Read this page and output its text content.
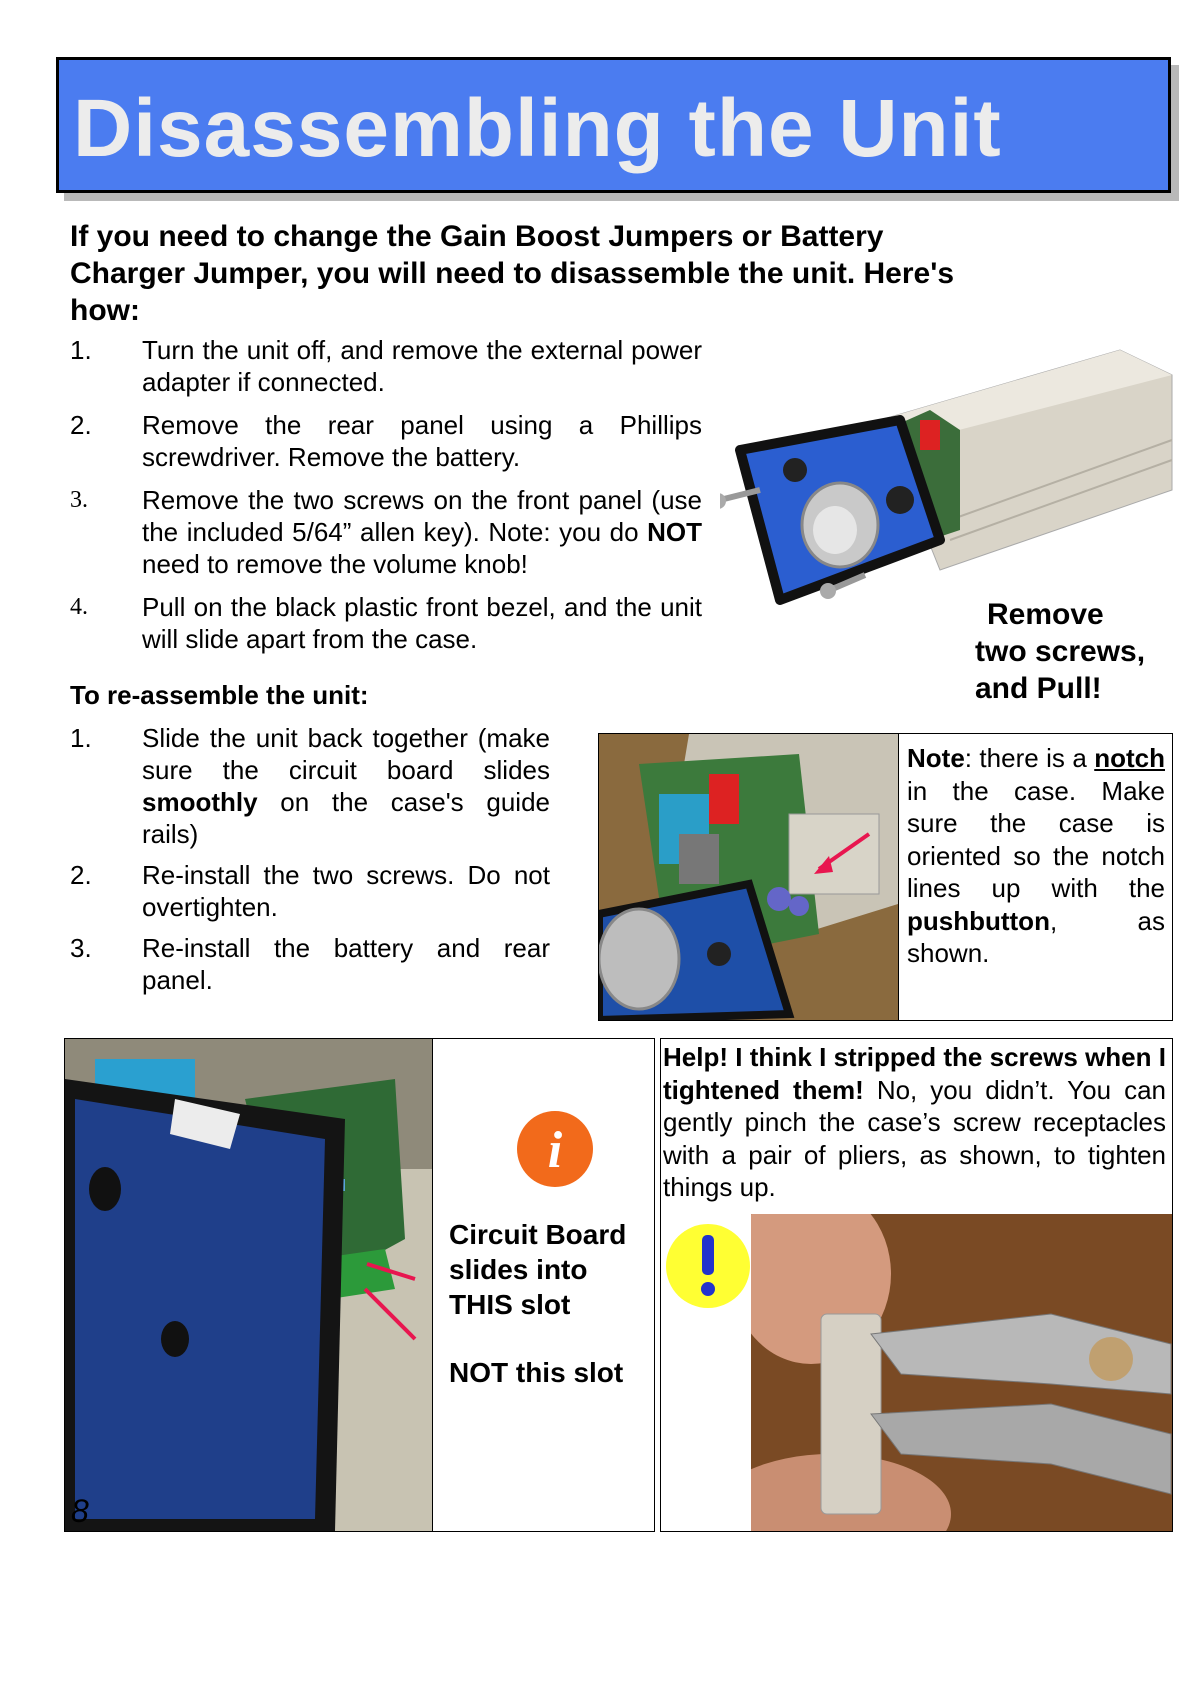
Disassembling the Unit
If you need to change the Gain Boost Jumpers or Battery Charger Jumper, you will need to disassemble the unit. Here's how:
1. Turn the unit off, and remove the external power adapter if connected.
2. Remove the rear panel using a Phillips screwdriver. Remove the battery.
3. Remove the two screws on the front panel (use the included 5/64” allen key). Note: you do NOT need to remove the volume knob!
4. Pull on the black plastic front bezel, and the unit will slide apart from the case.
Remove
two screws,
and Pull!
To re-assemble the unit:
1. Slide the unit back together (make sure the circuit board slides smoothly on the case's guide rails)
2. Re-install the two screws. Do not overtighten.
3. Re-install the battery and rear panel.
Note: there is a notch in the case. Make sure the case is oriented so the notch lines up with the pushbutton, as shown.
8
i
Circuit Board
slides into
THIS slot
NOT this slot
Help! I think I stripped the screws when I tightened them! No, you didn’t. You can gently pinch the case’s screw receptacles with a pair of pliers, as shown, to tighten things up.
